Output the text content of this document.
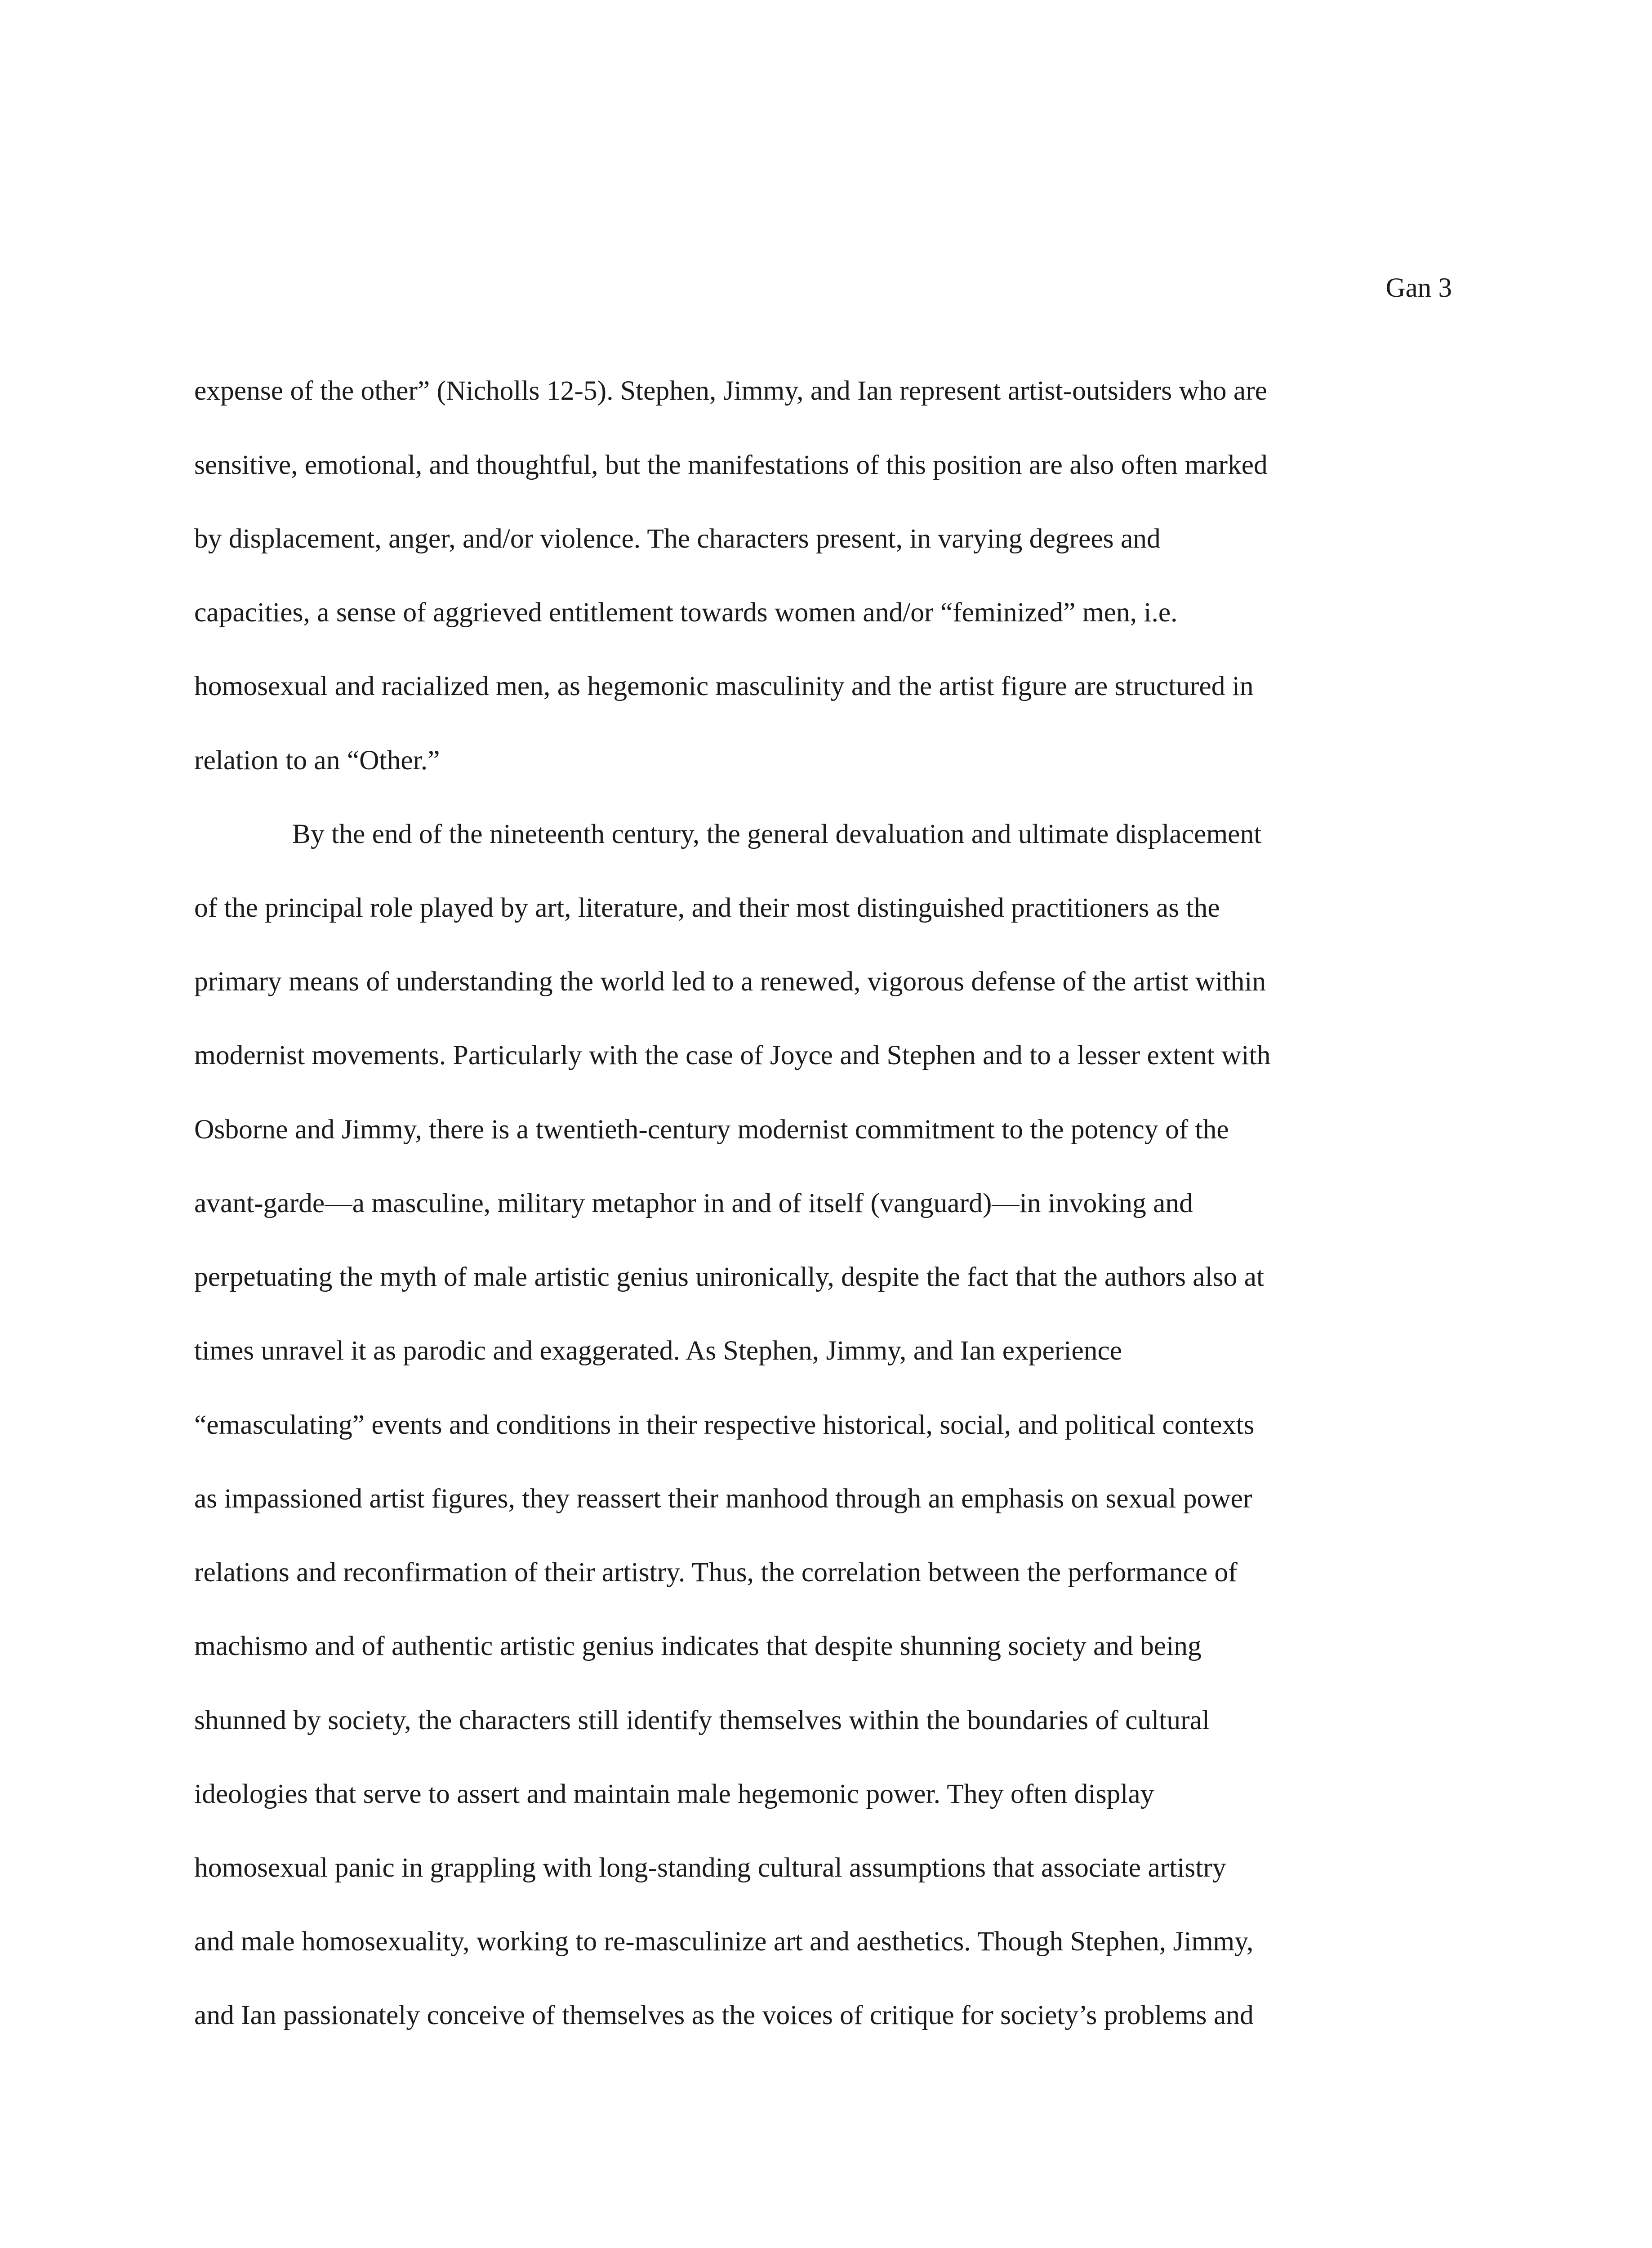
Gan 3
expense of the other” (Nicholls 12-5). Stephen, Jimmy, and Ian represent artist-outsiders who are
sensitive, emotional, and thoughtful, but the manifestations of this position are also often marked
by displacement, anger, and/or violence. The characters present, in varying degrees and
capacities, a sense of aggrieved entitlement towards women and/or “feminized” men, i.e.
homosexual and racialized men, as hegemonic masculinity and the artist figure are structured in
relation to an “Other.”
By the end of the nineteenth century, the general devaluation and ultimate displacement
of the principal role played by art, literature, and their most distinguished practitioners as the
primary means of understanding the world led to a renewed, vigorous defense of the artist within
modernist movements. Particularly with the case of Joyce and Stephen and to a lesser extent with
Osborne and Jimmy, there is a twentieth-century modernist commitment to the potency of the
avant-garde—a masculine, military metaphor in and of itself (vanguard)—in invoking and
perpetuating the myth of male artistic genius unironically, despite the fact that the authors also at
times unravel it as parodic and exaggerated. As Stephen, Jimmy, and Ian experience
“emasculating” events and conditions in their respective historical, social, and political contexts
as impassioned artist figures, they reassert their manhood through an emphasis on sexual power
relations and reconfirmation of their artistry. Thus, the correlation between the performance of
machismo and of authentic artistic genius indicates that despite shunning society and being
shunned by society, the characters still identify themselves within the boundaries of cultural
ideologies that serve to assert and maintain male hegemonic power. They often display
homosexual panic in grappling with long-standing cultural assumptions that associate artistry
and male homosexuality, working to re-masculinize art and aesthetics. Though Stephen, Jimmy,
and Ian passionately conceive of themselves as the voices of critique for society’s problems and
